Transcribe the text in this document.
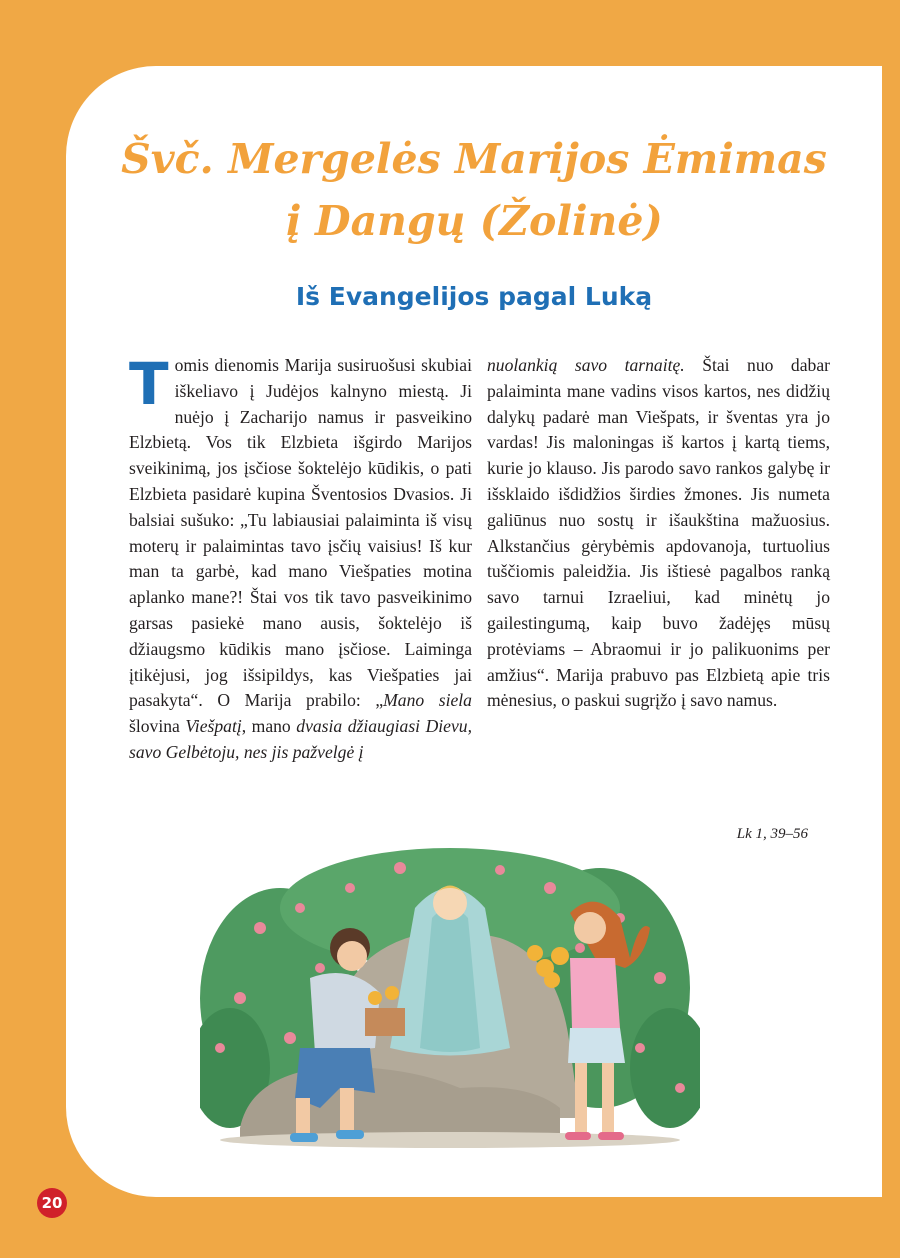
Švč. Mergelės Marijos Ėmimas
į Dangų (Žolinė)
Iš Evangelijos pagal Luką

Tomis dienomis Marija susiruošusi skubiai iškeliavo į Judėjos kalnyno miestą. Ji nuėjo į Zacharijo namus ir pasveikino Elzbietą. Vos tik Elzbieta išgirdo Marijos sveikinimą, jos įsčiose šoktelėjo kūdikis, o pati Elzbieta pasidarė kupina Šventosios Dvasios. Ji balsiai sušuko: „Tu labiausiai palaiminta iš visų moterų ir palaimintas tavo įsčių vaisius! Iš kur man ta garbė, kad mano Viešpaties motina aplanko mane?! Štai vos tik tavo pasveikinimo garsas pasiekė mano ausis, šoktelėjo iš džiaugsmo kūdikis mano įsčiose. Laiminga įtikėjusi, jog išsipildys, kas Viešpaties jai pasakyta“. O Marija prabilo: „Mano siela šlovina Viešpatį, mano dvasia džiaugiasi Dievu, savo Gelbėtoju, nes jis pažvelgė į

nuolankią savo tarnaitę. Štai nuo dabar palaiminta mane vadins visos kartos, nes didžių dalykų padarė man Viešpats, ir šventas yra jo vardas! Jis maloningas iš kartos į kartą tiems, kurie jo klauso. Jis parodo savo rankos galybę ir išsklaido išdidžios širdies žmones. Jis numeta galiūnus nuo sostų ir išaukština mažuosius. Alkstančius gėrybėmis apdovanoja, turtuolius tuščiomis paleidžia. Jis ištiesė pagalbos ranką savo tarnui Izraeliui, kad minėtų jo gailestingumą, kaip buvo žadėjęs mūsų protėviams – Abraomui ir jo palikuonims per amžius“. Marija prabuvo pas Elzbietą apie tris mėnesius, o paskui sugrįžo į savo namus.

Lk 1, 39–56
20
